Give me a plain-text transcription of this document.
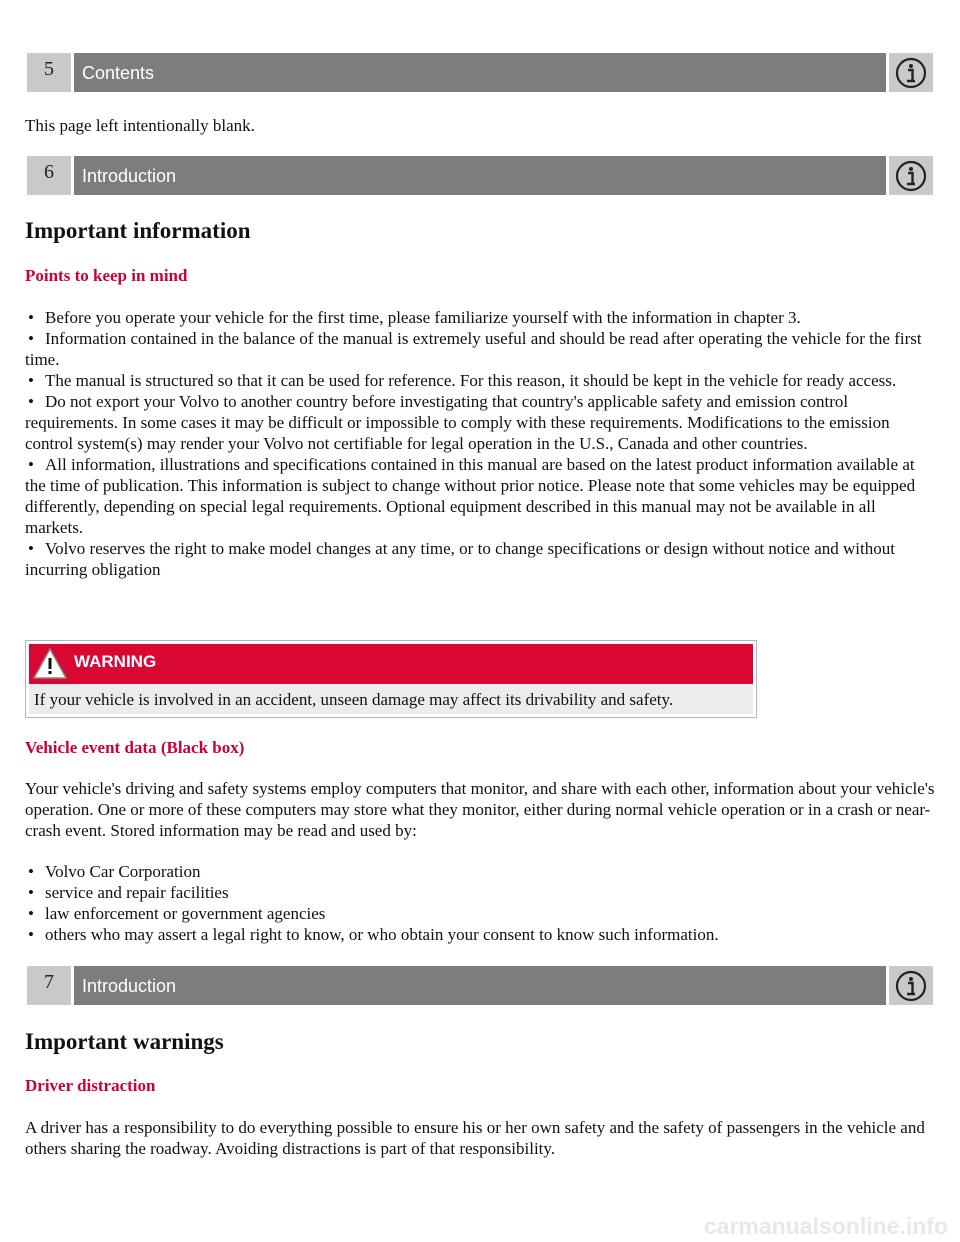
5	Contents

This page left intentionally blank.

6	Introduction
Important information
Points to keep in mind
• Before you operate your vehicle for the first time, please familiarize yourself with the information in chapter 3.
• Information contained in the balance of the manual is extremely useful and should be read after operating the vehicle for the first time.
• The manual is structured so that it can be used for reference. For this reason, it should be kept in the vehicle for ready access.
• Do not export your Volvo to another country before investigating that country's applicable safety and emission control requirements. In some cases it may be difficult or impossible to comply with these requirements. Modifications to the emission control system(s) may render your Volvo not certifiable for legal operation in the U.S., Canada and other countries.
• All information, illustrations and specifications contained in this manual are based on the latest product information available at the time of publication. This information is subject to change without prior notice. Please note that some vehicles may be equipped differently, depending on special legal requirements. Optional equipment described in this manual may not be available in all markets.
• Volvo reserves the right to make model changes at any time, or to change specifications or design without notice and without incurring obligation
WARNING
If your vehicle is involved in an accident, unseen damage may affect its drivability and safety.
Vehicle event data (Black box)

Your vehicle's driving and safety systems employ computers that monitor, and share with each other, information about your vehicle's operation. One or more of these computers may store what they monitor, either during normal vehicle operation or in a crash or near-crash event. Stored information may be read and used by:

• Volvo Car Corporation
• service and repair facilities
• law enforcement or government agencies
• others who may assert a legal right to know, or who obtain your consent to know such information.
7	Introduction
Important warnings
Driver distraction

A driver has a responsibility to do everything possible to ensure his or her own safety and the safety of passengers in the vehicle and others sharing the roadway. Avoiding distractions is part of that responsibility.

carmanualsonline.info
